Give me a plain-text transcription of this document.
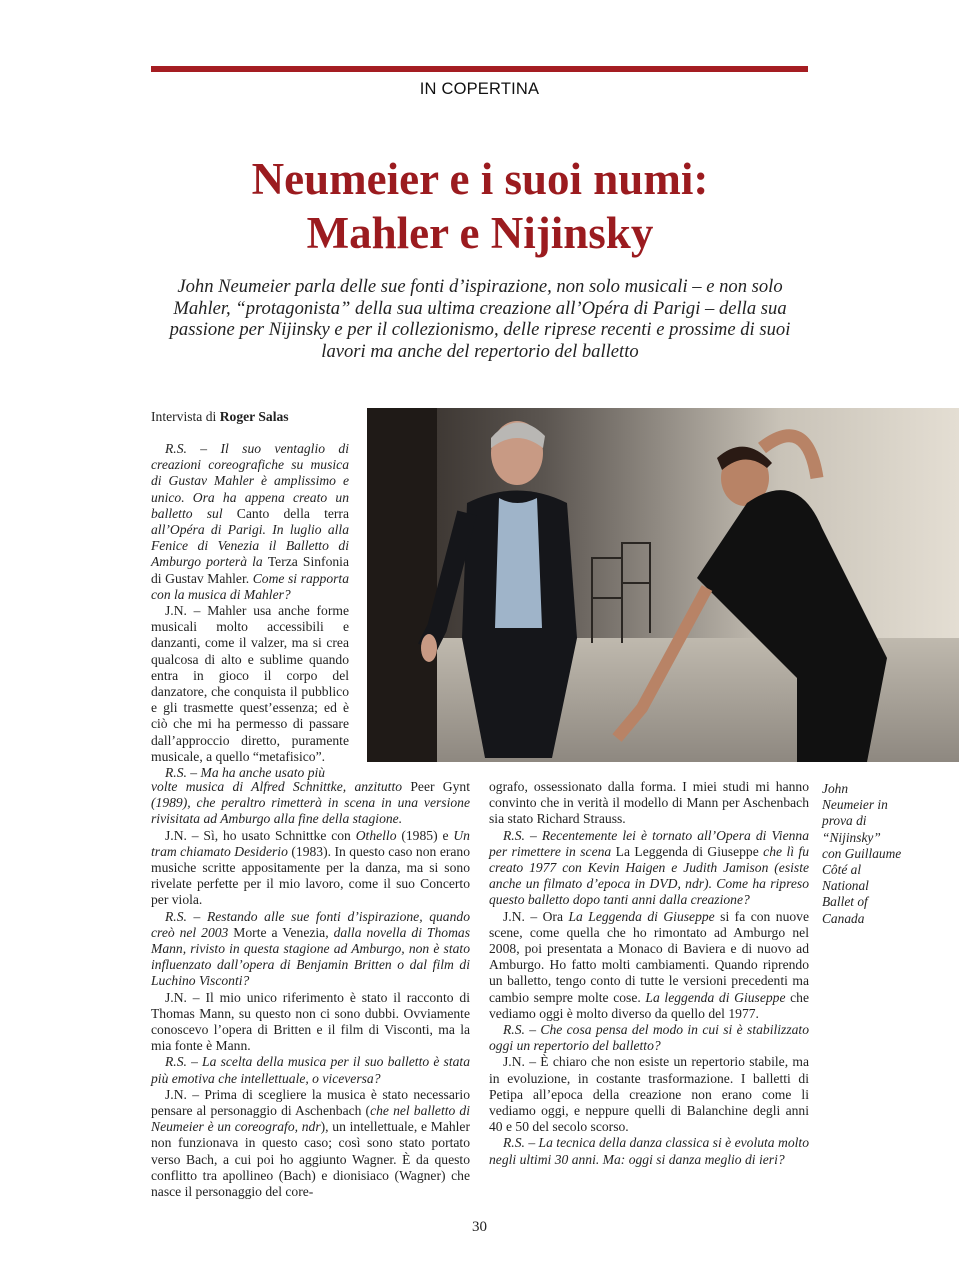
IN COPERTINA
Neumeier e i suoi numi:
Mahler e Nijinsky
John Neumeier parla delle sue fonti d’ispirazione, non solo musicali – e non solo Mahler, “protagonista” della sua ultima creazione all’Opéra di Parigi – della sua passione per Nijinsky e per il collezionismo, delle riprese recenti e prossime di suoi lavori ma anche del repertorio del balletto
Intervista di Roger Salas

R.S. – Il suo ventaglio di creazioni coreografiche su musica di Gustav Mahler è amplissimo e unico. Ora ha appena creato un balletto sul Canto della terra all’Opéra di Parigi. In luglio alla Fenice di Venezia il Balletto di Amburgo porterà la Terza Sinfonia di Gustav Mahler. Come si rapporta con la musica di Mahler?

J.N. – Mahler usa anche forme musicali molto accessibili e danzanti, come il valzer, ma si crea qualcosa di alto e sublime quando entra in gioco il corpo del danzatore, che conquista il pubblico e gli trasmette quest’essenza; ed è ciò che mi ha permesso di passare dall’approccio diretto, puramente musicale, a quello “metafisico”.

R.S. – Ma ha anche usato più

volte musica di Alfred Schnittke, anzitutto Peer Gynt (1989), che peraltro rimetterà in scena in una versione rivisitata ad Amburgo alla fine della stagione.

J.N. – Sì, ho usato Schnittke con Othello (1985) e Un tram chiamato Desiderio (1983). In questo caso non erano musiche scritte appositamente per la danza, ma si sono rivelate perfette per il mio lavoro, come il suo Concerto per viola.

R.S. – Restando alle sue fonti d’ispirazione, quando creò nel 2003 Morte a Venezia, dalla novella di Thomas Mann, rivisto in questa stagione ad Amburgo, non è stato influenzato dall’opera di Benjamin Britten o dal film di Luchino Visconti?

J.N. – Il mio unico riferimento è stato il racconto di Thomas Mann, su questo non ci sono dubbi. Ovviamente conoscevo l’opera di Britten e il film di Visconti, ma la mia fonte è Mann.

R.S. – La scelta della musica per il suo balletto è stata più emotiva che intellettuale, o viceversa?

J.N. – Prima di scegliere la musica è stato necessario pensare al personaggio di Aschenbach (che nel balletto di Neumeier è un coreografo, ndr), un intellettuale, e Mahler non funzionava in questo caso; così sono stato portato verso Bach, a cui poi ho aggiunto Wagner. È da questo conflitto tra apollineo (Bach) e dionisiaco (Wagner) che nasce il personaggio del core-

ografo, ossessionato dalla forma. I miei studi mi hanno convinto che in verità il modello di Mann per Aschenbach sia stato Richard Strauss.

R.S. – Recentemente lei è tornato all’Opera di Vienna per rimettere in scena La Leggenda di Giuseppe che lì fu creato 1977 con Kevin Haigen e Judith Jamison (esiste anche un filmato d’epoca in DVD, ndr). Come ha ripreso questo balletto dopo tanti anni dalla creazione?

J.N. – Ora La Leggenda di Giuseppe si fa con nuove scene, come quella che ho rimontato ad Amburgo nel 2008, poi presentata a Monaco di Baviera e di nuovo ad Amburgo. Ho fatto molti cambiamenti. Quando riprendo un balletto, tengo conto di tutte le versioni precedenti ma cambio sempre molte cose. La leggenda di Giuseppe che vediamo oggi è molto diverso da quello del 1977.

R.S. – Che cosa pensa del modo in cui si è stabilizzato oggi un repertorio del balletto?

J.N. – È chiaro che non esiste un repertorio stabile, ma in evoluzione, in costante trasformazione. I balletti di Petipa all’epoca della creazione non erano come li vediamo oggi, e neppure quelli di Balanchine degli anni 40 e 50 del secolo scorso.

R.S. – La tecnica della danza classica si è evoluta molto negli ultimi 30 anni. Ma: oggi si danza meglio di ieri?

John Neumeier in prova di “Nijinsky” con Guillaume Côté al National Ballet of Canada
30
